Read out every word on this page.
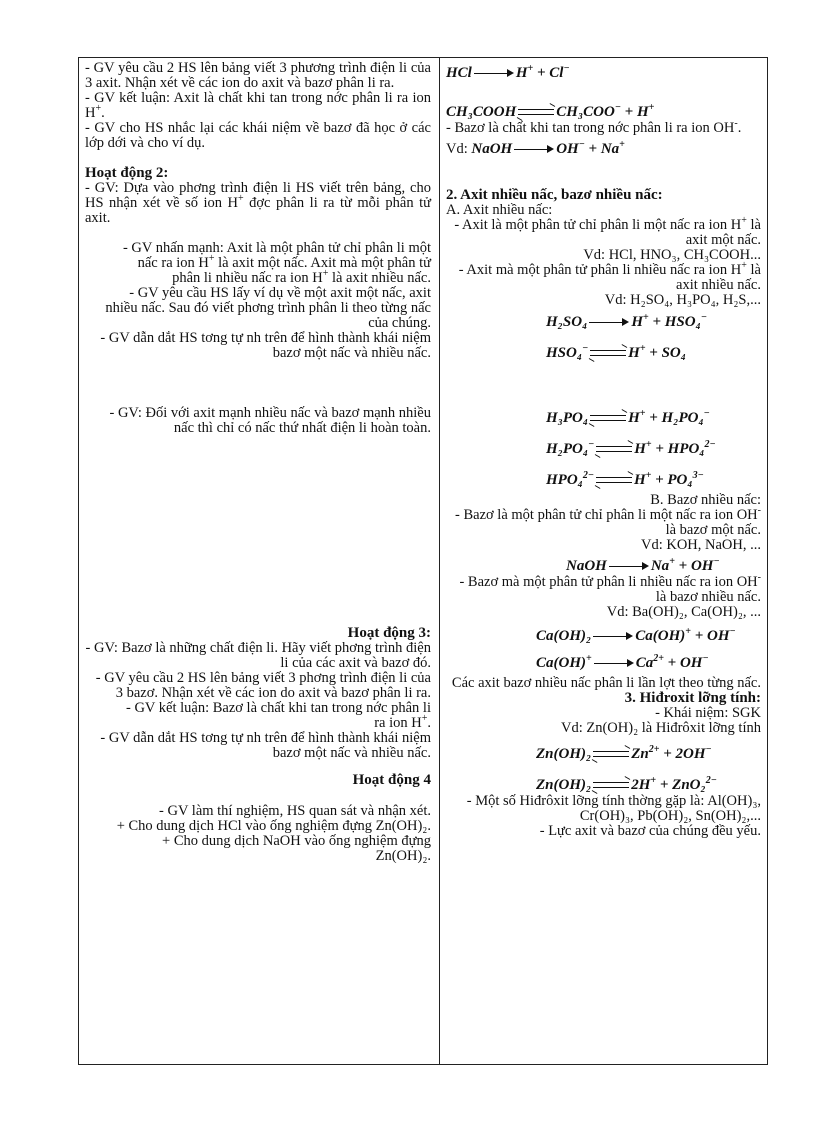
- GV yêu cầu 2 HS lên bảng viết 3 phương trình điện li của 3 axit. Nhận xét về các ion do axit và bazơ phân li ra.

- GV kết luận: Axit là chất khi tan trong nớc phân li ra ion H+.

- GV cho HS nhắc lại các khái niệm về bazơ đã học ở các lớp dới và cho ví dụ.

Hoạt động 2:

- GV: Dựa vào phơng trình điện li HS viết trên bảng, cho HS nhận xét về số ion H+ đợc phân li ra từ mỗi phân tử axit.

- GV nhấn mạnh: Axit là một phân tử chỉ phân li một nấc ra ion H+ là axit một nấc. Axit mà một phân tử phân li nhiều nấc ra ion H+ là axit nhiều nấc.

- GV yêu cầu HS lấy ví dụ về một axit một nấc, axit nhiều nấc. Sau đó viết phơng trình phân li theo từng nấc của chúng.

- GV dẫn dắt HS tơng tự nh trên để hình thành khái niệm bazơ một nấc và nhiều nấc.

- GV: Đối với axit mạnh nhiều nấc và bazơ mạnh nhiều nấc thì chỉ có nấc thứ nhất điện li hoàn toàn.

Hoạt động 3:

- GV: Bazơ là những chất điện li. Hãy viết phơng trình điện li của các axit và bazơ đó.

- GV yêu cầu 2 HS lên bảng viết 3 phơng trình điện li của 3 bazơ. Nhận xét về các ion do axit và bazơ phân li ra.

- GV kết luận: Bazơ là chất khi tan trong nớc phân li ra ion H+.

- GV dẫn dắt HS tơng tự nh trên để hình thành khái niệm bazơ một nấc và nhiều nấc.

Hoạt động 4

- GV làm thí nghiệm, HS quan sát và nhận xét.

+ Cho dung dịch HCl vào ống nghiệm đựng Zn(OH)₂.

+ Cho dung dịch NaOH vào ống nghiệm đựng Zn(OH)₂.

HCl	H+ + Cl−

CH₃COOH ⇌ CH₃COO− + H+

- Bazơ là chất khi tan trong nớc phân li ra ion OH-.

Vd: NaOH	OH− + Na+

2. Axit nhiều nấc, bazơ nhiều nấc:

A. Axit nhiều nấc:

- Axit là một phân tử chỉ phân li một nấc ra ion H+ là axit một nấc.

Vd: HCl, HNO₃, CH₃COOH...

- Axit mà một phân tử phân li nhiều nấc ra ion H+ là axit nhiều nấc.

Vd: H₂SO₄, H₃PO₄, H₂S,...

H₂SO₄	H+ + HSO₄−

HSO₄− ⇌ H+ + SO₄

H₃PO₄ ⇌ H+ + H₂PO₄−

H₂PO₄− ⇌ H+ + HPO₄$^{2-}$

HPO₄$^{2-}$ ⇌ H+ + PO₄$^{3-}$

B. Bazơ nhiều nấc:

- Bazơ là một phân tử chỉ phân li một nấc ra ion OH- là bazơ một nấc.

Vd: KOH, NaOH, ...

NaOH	Na+ + OH−

- Bazơ mà một phân tử phân li nhiều nấc ra ion OH- là bazơ nhiều nấc.

Vd: Ba(OH)₂, Ca(OH)₂, ...

Ca(OH)₂	Ca(OH)+ + OH−

Ca(OH)+	$Ca^{2+} + OH^-$

Các axit bazơ nhiều nấc phân li lần lợt theo từng nấc.

3. Hiđroxit lỡng tính:

- Khái niệm: SGK

Vd: Zn(OH)₂ là Hiđrôxit lỡng tính

Zn(OH)₂ ⇌ $Zn^{2+} + 2OH^-$

Zn(OH)₂ ⇌ 2H+ + ZnO₂$^{2-}$

- Một số Hiđrôxit lỡng tính thờng gặp là: Al(OH)₃, Cr(OH)₃, Pb(OH)₂, Sn(OH)₂,...

- Lực axit và bazơ của chúng đều yếu.
